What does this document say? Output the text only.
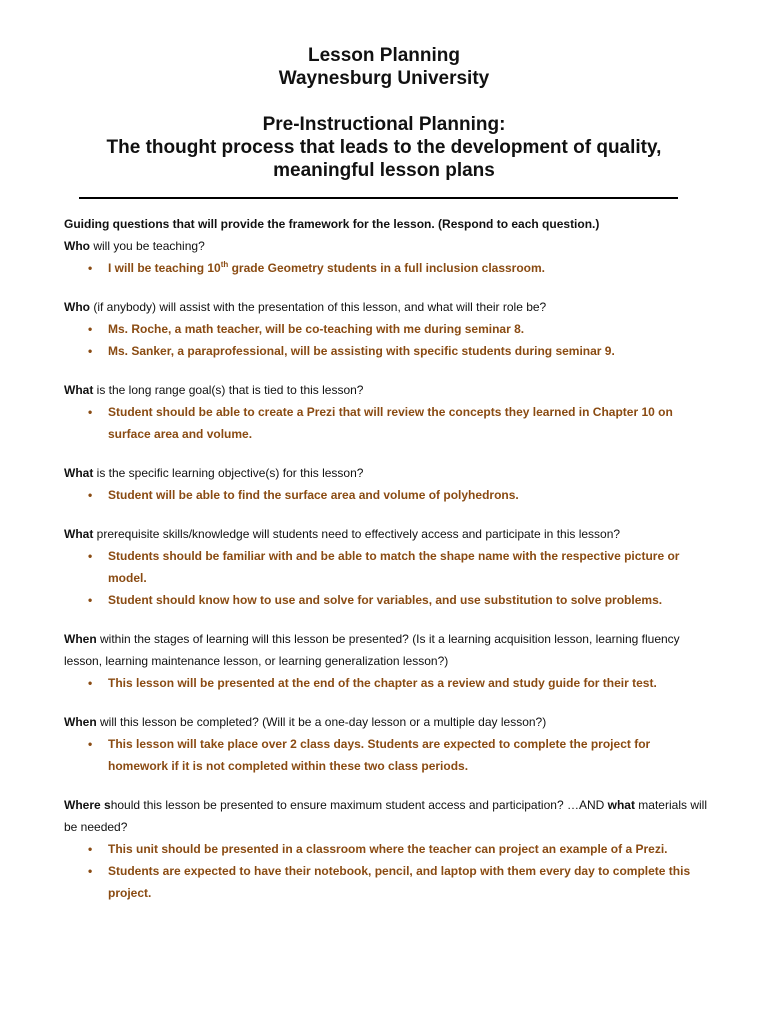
Lesson Planning
Waynesburg University
Pre-Instructional Planning:
The thought process that leads to the development of quality,
meaningful lesson plans
Guiding questions that will provide the framework for the lesson. (Respond to each question.)
Who will you be teaching?
• I will be teaching 10th grade Geometry students in a full inclusion classroom.
Who (if anybody) will assist with the presentation of this lesson, and what will their role be?
• Ms. Roche, a math teacher, will be co-teaching with me during seminar 8.
• Ms. Sanker, a paraprofessional, will be assisting with specific students during seminar 9.
What is the long range goal(s) that is tied to this lesson?
• Student should be able to create a Prezi that will review the concepts they learned in Chapter 10 on surface area and volume.
What is the specific learning objective(s) for this lesson?
• Student will be able to find the surface area and volume of polyhedrons.
What prerequisite skills/knowledge will students need to effectively access and participate in this lesson?
• Students should be familiar with and be able to match the shape name with the respective picture or model.
• Student should know how to use and solve for variables, and use substitution to solve problems.
When within the stages of learning will this lesson be presented? (Is it a learning acquisition lesson, learning fluency lesson, learning maintenance lesson, or learning generalization lesson?)
• This lesson will be presented at the end of the chapter as a review and study guide for their test.
When will this lesson be completed? (Will it be a one-day lesson or a multiple day lesson?)
• This lesson will take place over 2 class days. Students are expected to complete the project for homework if it is not completed within these two class periods.
Where should this lesson be presented to ensure maximum student access and participation? …AND what materials will be needed?
• This unit should be presented in a classroom where the teacher can project an example of a Prezi.
• Students are expected to have their notebook, pencil, and laptop with them every day to complete this project.
